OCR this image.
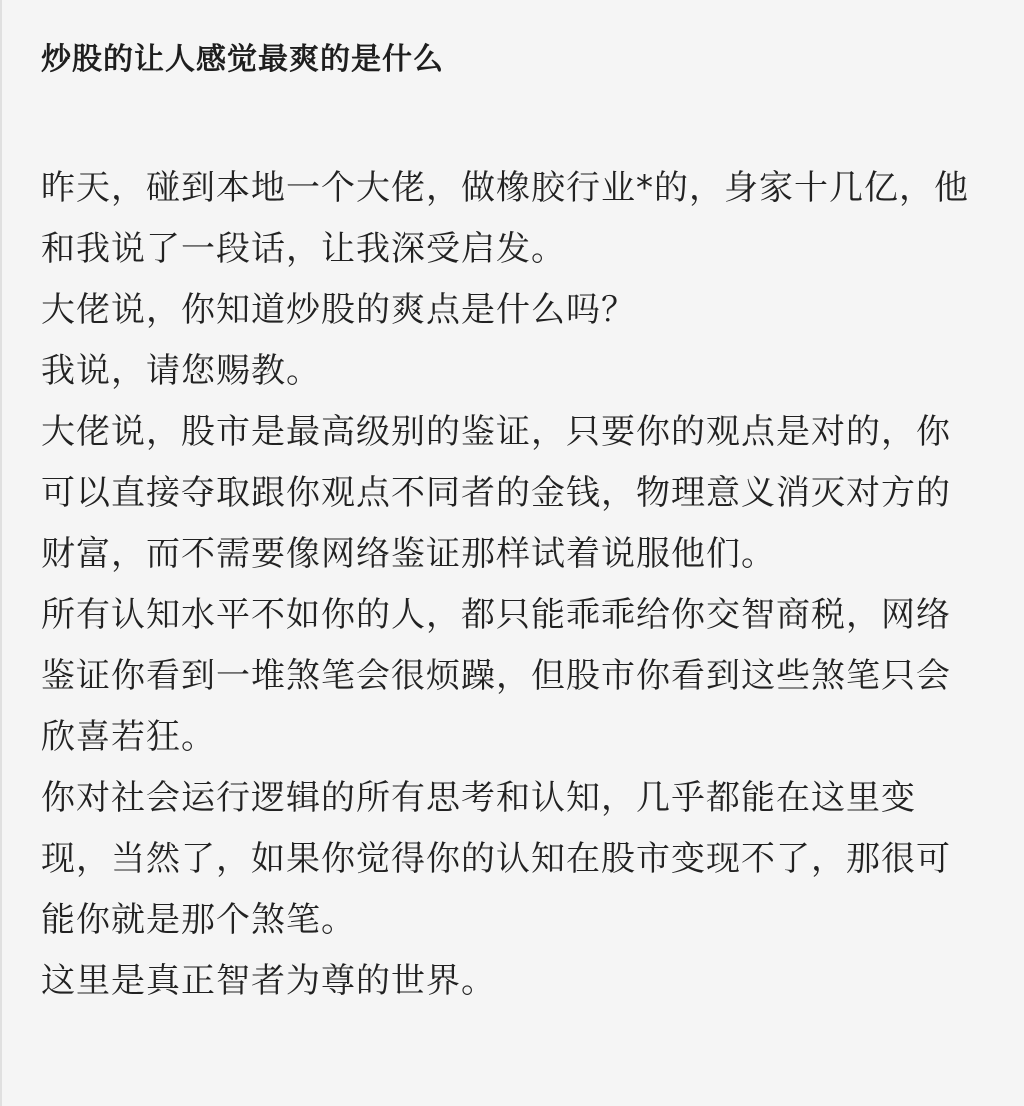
炒股的让人感觉最爽的是什么

昨天，碰到本地一个大佬，做橡胶行业*的，身家十几亿，他和我说了一段话，让我深受启发。

大佬说，你知道炒股的爽点是什么吗？

我说，请您赐教。

大佬说，股市是最高级别的鉴证，只要你的观点是对的，你可以直接夺取跟你观点不同者的金钱，物理意义消灭对方的财富，而不需要像网络鉴证那样试着说服他们。

所有认知水平不如你的人，都只能乖乖给你交智商税，网络鉴证你看到一堆煞笔会很烦躁，但股市你看到这些煞笔只会欣喜若狂。

你对社会运行逻辑的所有思考和认知，几乎都能在这里变现，当然了，如果你觉得你的认知在股市变现不了，那很可能你就是那个煞笔。

这里是真正智者为尊的世界。
